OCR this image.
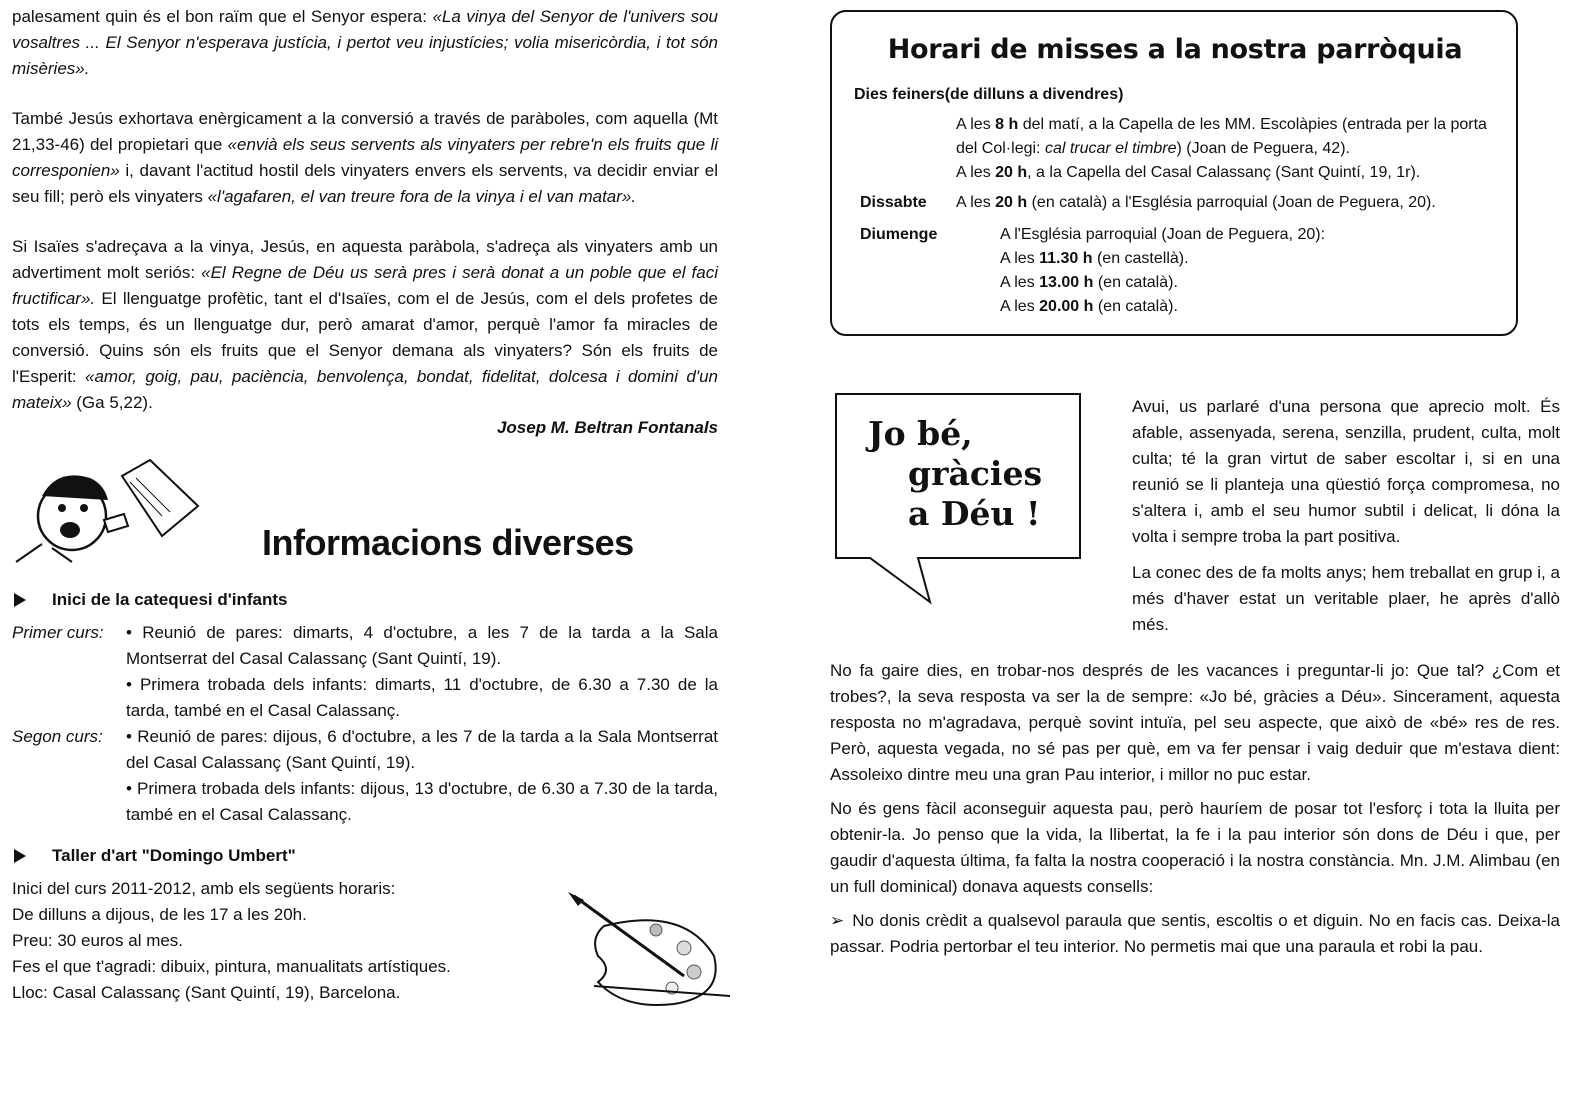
palesament quin és el bon raïm que el Senyor espera: «La vinya del Senyor de l'univers sou vosaltres ... El Senyor n'esperava justícia, i pertot veu injustícies; volia misericòrdia, i tot són misèries».

També Jesús exhortava enèrgicament a la conversió a través de paràboles, com aquella (Mt 21,33-46) del propietari que «envià els seus servents als vinyaters per rebre'n els fruits que li corresponien» i, davant l'actitud hostil dels vinyaters envers els servents, va decidir enviar el seu fill; però els vinyaters «l'agafaren, el van treure fora de la vinya i el van matar».

Si Isaïes s'adreçava a la vinya, Jesús, en aquesta paràbola, s'adreça als vinyaters amb un advertiment molt seriós: «El Regne de Déu us serà pres i serà donat a un poble que el faci fructificar». El llenguatge profètic, tant el d'Isaïes, com el de Jesús, com el dels profetes de tots els temps, és un llenguatge dur, però amarat d'amor, perquè l'amor fa miracles de conversió. Quins són els fruits que el Senyor demana als vinyaters? Són els fruits de l'Esperit: «amor, goig, pau, paciència, benvolença, bondat, fidelitat, dolcesa i domini d'un mateix» (Ga 5,22).

Josep M. Beltran Fontanals
Informacions diverses
Inici de la catequesi d'infants
Primer curs:	• Reunió de pares: dimarts, 4 d'octubre, a les 7 de la tarda a la Sala Montserrat del Casal Calassanç (Sant Quintí, 19).
• Primera trobada dels infants: dimarts, 11 d'octubre, de 6.30 a 7.30 de la tarda, també en el Casal Calassanç.
Segon curs:	• Reunió de pares: dijous, 6 d'octubre, a les 7 de la tarda a la Sala Montserrat del Casal Calassanç (Sant Quintí, 19).
• Primera trobada dels infants: dijous, 13 d'octubre, de 6.30 a 7.30 de la tarda, també en el Casal Calassanç.
Taller d'art "Domingo Umbert"

Inici del curs 2011-2012, amb els següents horaris:

De dilluns a dijous, de les 17 a les 20h.

Preu: 30 euros al mes.

Fes el que t'agradi: dibuix, pintura, manualitats artístiques.

Lloc: Casal Calassanç (Sant Quintí, 19), Barcelona.

Horari de misses a la nostra parròquia
Dies feiners (de dilluns a divendres)
A les 8 h del matí, a la Capella de les MM. Escolàpies (entrada per la porta del Col·legi: cal trucar el timbre) (Joan de Peguera, 42).
A les 20 h, a la Capella del Casal Calassanç (Sant Quintí, 19, 1r).
Dissabte	A les 20 h (en català) a l'Església parroquial (Joan de Peguera, 20).
Diumenge	A l'Església parroquial (Joan de Peguera, 20):
A les 11.30 h (en castellà).
A les 13.00 h (en català).
A les 20.00 h (en català).
Jo bé,
gràcies
a Déu !

Avui, us parlaré d'una persona que aprecio molt. És afable, assenyada, serena, senzilla, prudent, culta, molt culta; té la gran virtut de saber escoltar i, si en una reunió se li planteja una qüestió força compromesa, no s'altera i, amb el seu humor subtil i delicat, li dóna la volta i sempre troba la part positiva.

La conec des de fa molts anys; hem treballat en grup i, a més d'haver estat un veritable plaer, he après d'allò més.

No fa gaire dies, en trobar-nos després de les vacances i preguntar-li jo: Que tal? ¿Com et trobes?, la seva resposta va ser la de sempre: «Jo bé, gràcies a Déu». Sincerament, aquesta resposta no m'agradava, perquè sovint intuïa, pel seu aspecte, que això de «bé» res de res. Però, aquesta vegada, no sé pas per què, em va fer pensar i vaig deduir que m'estava dient: Assoleixo dintre meu una gran Pau interior, i millor no puc estar.

No és gens fàcil aconseguir aquesta pau, però hauríem de posar tot l'esforç i tota la lluita per obtenir-la. Jo penso que la vida, la llibertat, la fe i la pau interior són dons de Déu i que, per gaudir d'aquesta última, fa falta la nostra cooperació i la nostra constància. Mn. J.M. Alimbau (en un full dominical) donava aquests consells:

➢ No donis crèdit a qualsevol paraula que sentis, escoltis o et diguin. No en facis cas. Deixa-la passar. Podria pertorbar el teu interior. No permetis mai que una paraula et robi la pau.
